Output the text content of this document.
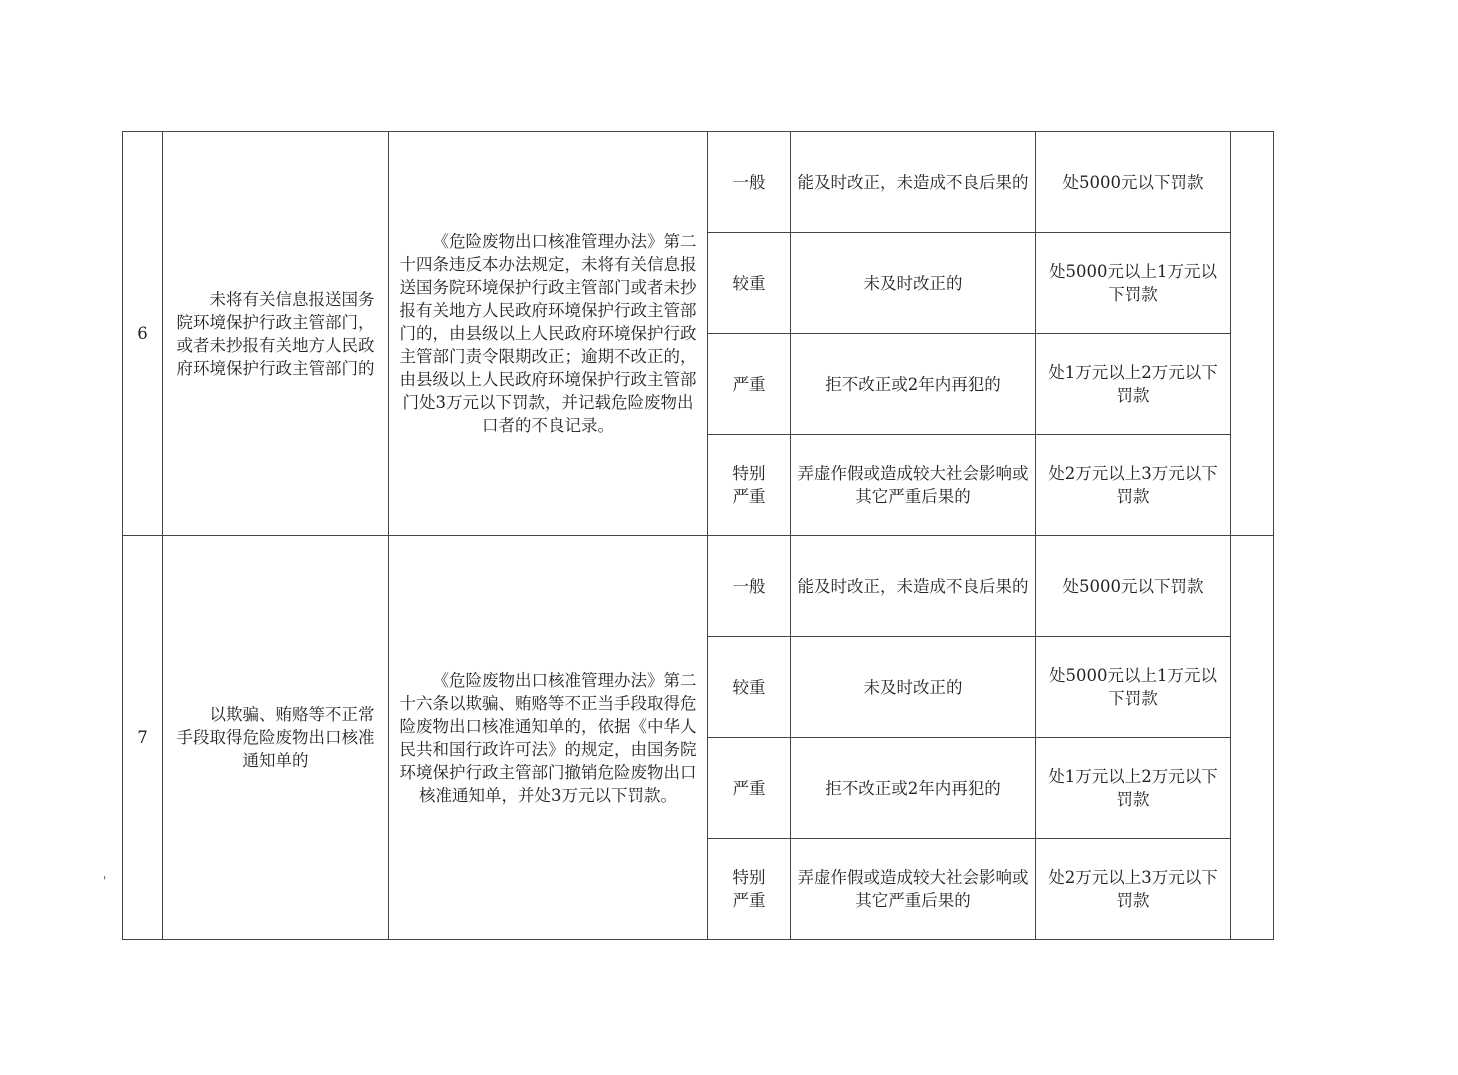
6	未将有关信息报送国务院环境保护行政主管部门，或者未抄报有关地方人民政府环境保护行政主管部门的	《危险废物出口核准管理办法》第二十四条违反本办法规定，未将有关信息报送国务院环境保护行政主管部门或者未抄报有关地方人民政府环境保护行政主管部门的，由县级以上人民政府环境保护行政主管部门责令限期改正；逾期不改正的，由县级以上人民政府环境保护行政主管部门处3万元以下罚款，并记载危险废物出口者的不良记录。	一般	能及时改正，未造成不良后果的	处5000元以下罚款	
			较重	未及时改正的	处5000元以上1万元以下罚款	
			严重	拒不改正或2年内再犯的	处1万元以上2万元以下罚款	
			特别严重	弄虚作假或造成较大社会影响或其它严重后果的	处2万元以上3万元以下罚款	
7	以欺骗、贿赂等不正常手段取得危险废物出口核准通知单的	《危险废物出口核准管理办法》第二十六条以欺骗、贿赂等不正当手段取得危险废物出口核准通知单的，依据《中华人民共和国行政许可法》的规定，由国务院环境保护行政主管部门撤销危险废物出口核准通知单，并处3万元以下罚款。	一般	能及时改正，未造成不良后果的	处5000元以下罚款	
			较重	未及时改正的	处5000元以上1万元以下罚款	
			严重	拒不改正或2年内再犯的	处1万元以上2万元以下罚款	
			特别严重	弄虚作假或造成较大社会影响或其它严重后果的	处2万元以上3万元以下罚款	
'
